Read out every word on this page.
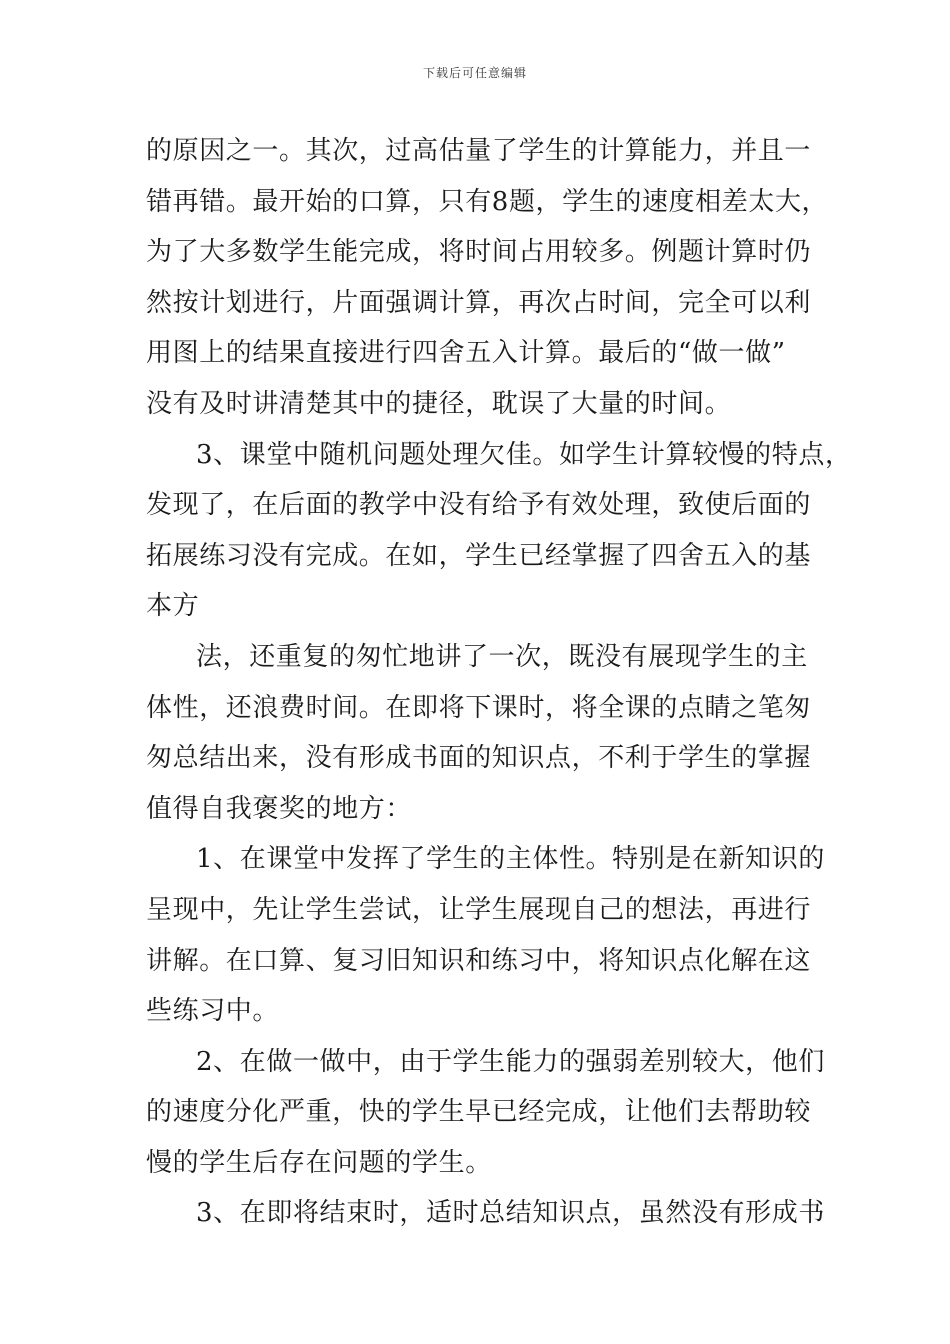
下载后可任意编辑
的原因之一。其次，过高估量了学生的计算能力，并且一
错再错。最开始的口算，只有8题，学生的速度相差太大，
为了大多数学生能完成，将时间占用较多。例题计算时仍
然按计划进行，片面强调计算，再次占时间，完全可以利
用图上的结果直接进行四舍五入计算。最后的“做一做”
没有及时讲清楚其中的捷径，耽误了大量的时间。
3、课堂中随机问题处理欠佳。如学生计算较慢的特点，
发现了，在后面的教学中没有给予有效处理，致使后面的
拓展练习没有完成。在如，学生已经掌握了四舍五入的基
本方
法，还重复的匆忙地讲了一次，既没有展现学生的主
体性，还浪费时间。在即将下课时，将全课的点睛之笔匆
匆总结出来，没有形成书面的知识点，不利于学生的掌握
值得自我褒奖的地方：
1、在课堂中发挥了学生的主体性。特别是在新知识的
呈现中，先让学生尝试，让学生展现自己的想法，再进行
讲解。在口算、复习旧知识和练习中，将知识点化解在这
些练习中。
2、在做一做中，由于学生能力的强弱差别较大，他们
的速度分化严重，快的学生早已经完成，让他们去帮助较
慢的学生后存在问题的学生。
3、在即将结束时，适时总结知识点，虽然没有形成书
